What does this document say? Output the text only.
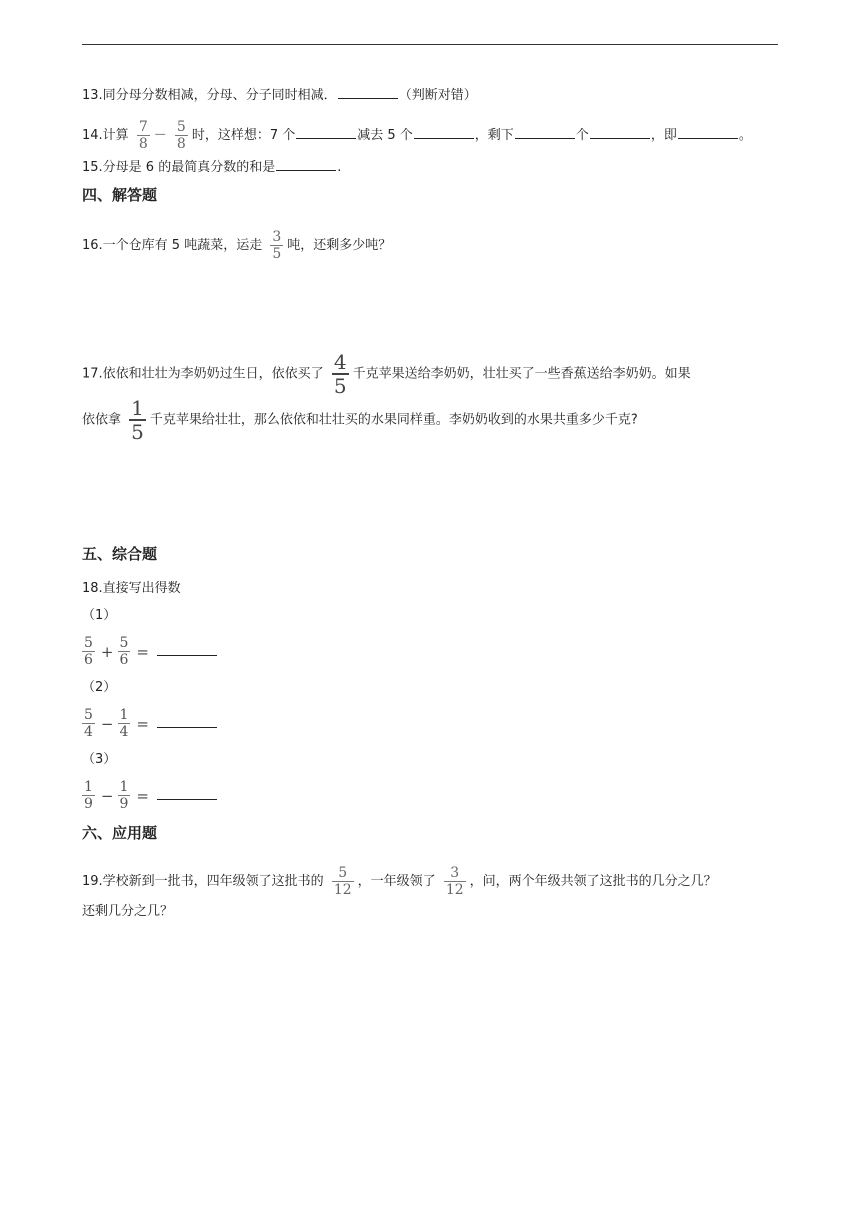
13.同分母分数相减，分母、分子同时相减．	（判断对错）
14.计算 $\frac{7}{8} - \frac{5}{8}$ 时，这样想：7 个	减去 5 个	，剩下	个	，即	。
15.分母是 6 的最简真分数的和是	.
四、解答题
16.一个仓库有 5 吨蔬菜，运走 $\frac{3}{5}$ 吨，还剩多少吨？
17.依依和壮壮为李奶奶过生日，依依买了 $\frac{4}{5}$ 千克苹果送给李奶奶，壮壮买了一些香蕉送给李奶奶。如果
依依拿 $\frac{1}{5}$ 千克苹果给壮壮，那么依依和壮壮买的水果同样重。李奶奶收到的水果共重多少千克?
五、综合题
18.直接写出得数
（1）
$\frac{5}{6} + \frac{5}{6}$ =
（2）
$\frac{5}{4} - \frac{1}{4}$ =
（3）
$\frac{1}{9} - \frac{1}{9}$ =
六、应用题
19.学校新到一批书，四年级领了这批书的 $\frac{5}{12}$ ，一年级领了 $\frac{3}{12}$ ，问，两个年级共领了这批书的几分之几？
还剩几分之几？
